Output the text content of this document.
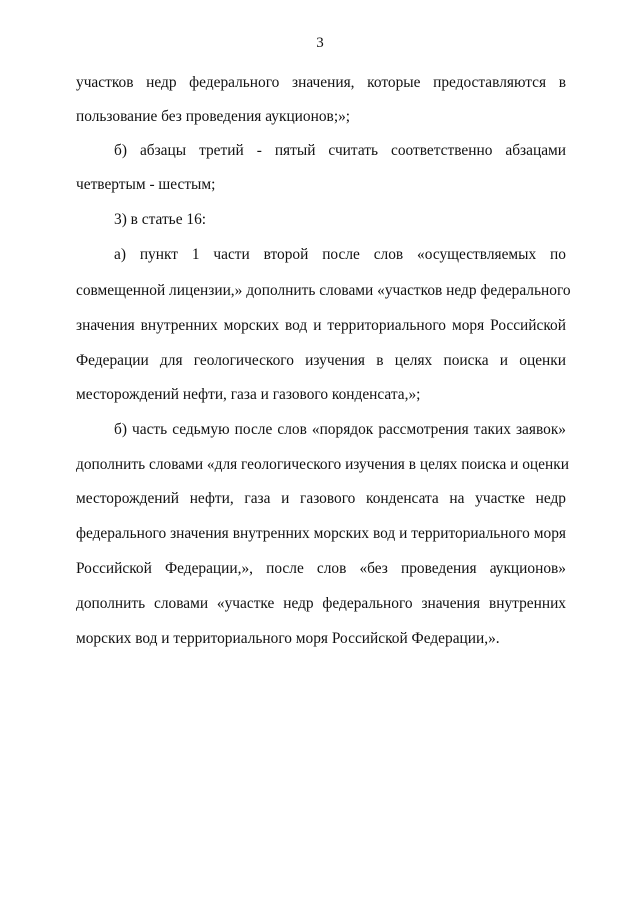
3
участков недр федерального значения, которые предоставляются в
пользование без проведения аукционов;»;
б) абзацы третий - пятый считать соответственно абзацами
четвертым - шестым;
3) в статье 16:
а) пункт 1 части второй после слов «осуществляемых по
совмещенной лицензии,» дополнить словами «участков недр федерального
значения внутренних морских вод и территориального моря Российской
Федерации для геологического изучения в целях поиска и оценки
месторождений нефти, газа и газового конденсата,»;
б) часть седьмую после слов «порядок рассмотрения таких заявок»
дополнить словами «для геологического изучения в целях поиска и оценки
месторождений нефти, газа и газового конденсата на участке недр
федерального значения внутренних морских вод и территориального моря
Российской Федерации,», после слов «без проведения аукционов»
дополнить словами «участке недр федерального значения внутренних
морских вод и территориального моря Российской Федерации,».
